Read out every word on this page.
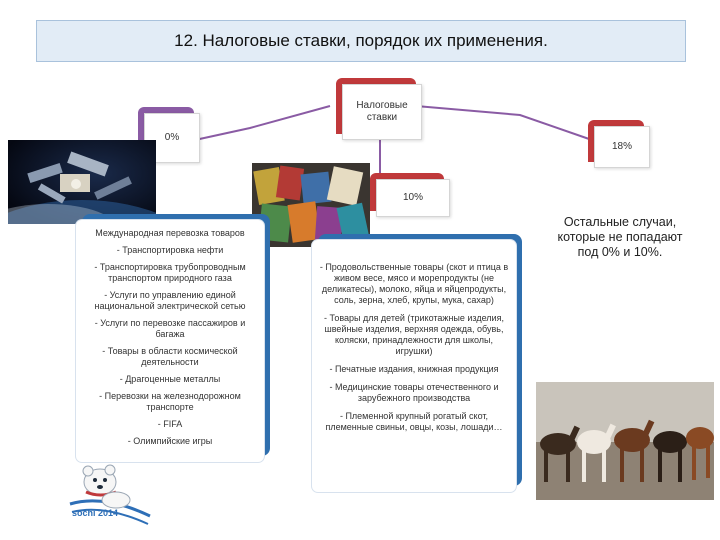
12. Налоговые ставки, порядок их применения.
Налоговые ставки
0%
18%
10%
Международная перевозка товаров
- Транспортировка нефти
- Транспортировка трубопроводным транспортом природного газа
- Услуги по управлению единой национальной электрической сетью
- Услуги по перевозке пассажиров и багажа
- Товары в области космической деятельности
- Драгоценные металлы
- Перевозки на железнодорожном транспорте
- FIFA
- Олимпийские игры
- Продовольственные товары (скот и птица в живом весе, мясо и морепродукты (не деликатесы), молоко, яйца и яйцепродукты, соль, зерна, хлеб, крупы, мука, сахар)
- Товары для детей (трикотажные изделия, швейные изделия, верхняя одежда, обувь, коляски, принадлежности для школы, игрушки)
- Печатные издания, книжная продукция
- Медицинские товары отечественного и зарубежного производства
- Племенной крупный рогатый скот, племенные свиньи, овцы, козы, лошади…
Остальные случаи, которые не попадают под 0% и 10%.
sochi 2014
